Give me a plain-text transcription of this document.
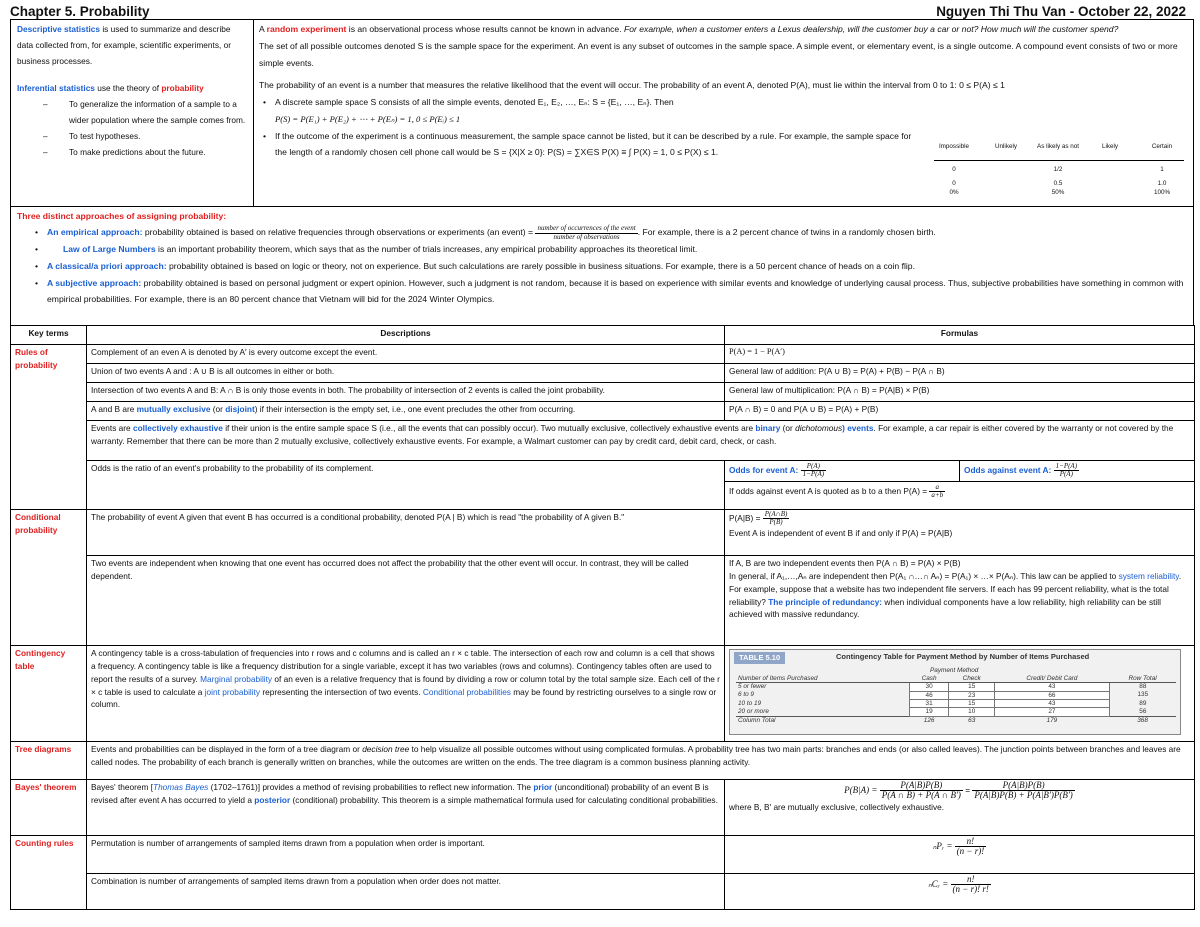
Chapter 5. Probability	Nguyen Thi Thu Van - October 22, 2022
Descriptive statistics is used to summarize and describe data collected from, for example, scientific experiments, or business processes.
Inferential statistics use the theory of probability
– To generalize the information of a sample to a wider population where the sample comes from.
– To test hypotheses.
– To make predictions about the future.
A random experiment is an observational process whose results cannot be known in advance. For example, when a customer enters a Lexus dealership, will the customer buy a car or not? How much will the customer spend?
The set of all possible outcomes denoted S is the sample space for the experiment. An event is any subset of outcomes in the sample space. A simple event, or elementary event, is a single outcome. A compound event consists of two or more simple events.
The probability of an event is a number that measures the relative likelihood that the event will occur. The probability of an event A, denoted P(A), must lie within the interval from 0 to 1: 0 ≤ P(A) ≤ 1
• A discrete sample space S consists of all the simple events, denoted E₁, E₂, …, Eₙ: S = {E₁, …, Eₙ}. Then
P(S) = P(E₁) + P(E₂) + ⋯ + P(Eₙ) = 1, 0 ≤ P(Eᵢ) ≤ 1
• If the outcome of the experiment is a continuous measurement, the sample space cannot be listed, but it can be described by a rule. For example, the sample space for the length of a randomly chosen cell phone call would be S = {X|X ≥ 0}: P(S) = ∑X∈S P(X) ≡ ∫ P(X) = 1, 0 ≤ P(X) ≤ 1.
Impossible	Unlikely	As likely as not	Likely	Certain
0	1/2	1
0	0.5	1.0
0%	50%	100%
Three distinct approaches of assigning probability:
• An empirical approach: probability obtained is based on relative frequencies through observations or experiments (an event) = $\frac{\text{number of occurrences of the event}}{\text{number of observations}}$ . For example, there is a 2 percent chance of twins in a randomly chosen birth.
• Law of Large Numbers is an important probability theorem, which says that as the number of trials increases, any empirical probability approaches its theoretical limit.
• A classical/a priori approach: probability obtained is based on logic or theory, not on experience. But such calculations are rarely possible in business situations. For example, there is a 50 percent chance of heads on a coin flip.
• A subjective approach: probability obtained is based on personal judgment or expert opinion. However, such a judgment is not random, because it is based on experience with similar events and knowledge of underlying causal process. Thus, subjective probabilities have something in common with empirical probabilities. For example, there is an 80 percent chance that Vietnam will bid for the 2024 Winter Olympics.
Key terms	Descriptions	Formulas
Rules of probability	Complement of an even A is denoted by A′ is every outcome except the event.	P(A) = 1 − P(A′)
Union of two events A and : A ∪ B is all outcomes in either or both.	General law of addition: P(A ∪ B) = P(A) + P(B) − P(A ∩ B)
Intersection of two events A and B: A ∩ B is only those events in both. The probability of intersection of 2 events is called the joint probability.	General law of multiplication: P(A ∩ B) = P(A|B) × P(B)
A and B are mutually exclusive (or disjoint) if their intersection is the empty set, i.e., one event precludes the other from occurring.	P(A ∩ B) = 0 and P(A ∪ B) = P(A) + P(B)
Events are collectively exhaustive if their union is the entire sample space S (i.e., all the events that can possibly occur). Two mutually exclusive, collectively exhaustive events are binary (or dichotomous) events. For example, a car repair is either covered by the warranty or not covered by the warranty. Remember that there can be more than 2 mutually exclusive, collectively exhaustive events. For example, a Walmart customer can pay by credit card, debit card, check, or cash.
Odds is the ratio of an event's probability to the probability of its complement.		Odds for event A: $\frac{P(A)}{1-P(A)}$	Odds against event A: $\frac{1-P(A)}{P(A)}$

If odds against event A is quoted as b to a then $P(A) = \frac{a}{a+b}$

Conditional probability	The probability of event A given that event B has occurred is a conditional probability, denoted P(A | B) which is read "the probability of A given B."	$P(A|B) = \frac{P(A\cap B)}{P(B)}$

Event A is independent of event B if and only if P(A) = P(A|B)
Two events are independent when knowing that one event has occurred does not affect the probability that the other event will occur. In contrast, they will be called dependent.	If A, B are two independent events then P(A ∩ B) = P(A) × P(B)
In general, if A₁,…,Aₙ are independent then P(A₁ ∩…∩ Aₙ) = P(A₁) × …× P(Aₙ). This law can be applied to system reliability. For example, suppose that a website has two independent file servers. If each has 99 percent reliability, what is the total reliability? The principle of redundancy: when individual components have a low reliability, high reliability can be still achieved with massive redundancy.
Contingency table	A contingency table is a cross-tabulation of frequencies into r rows and c columns and is called an r × c table. The intersection of each row and column is a cell that shows a frequency. A contingency table is like a frequency distribution for a single variable, except it has two variables (rows and columns). Contingency tables often are used to report the results of a survey. Marginal probability of an even is a relative frequency that is found by dividing a row or column total by the total sample size. Each cell of the r × c table is used to calculate a joint probability representing the intersection of two events. Conditional probabilities may be found by restricting ourselves to a single row or column.	
TABLE 5.10	Contingency Table for Payment Method by Number of Items Purchased
Payment Method
Number of Items Purchased	Cash	Check	Credit/ Debit Card	Row Total
5 or fewer	30	15	43	88
6 to 9	46	23	66	135
10 to 19	31	15	43	89
20 or more	19	10	27	56
Column Total	126	63	179	368

Tree diagrams	Events and probabilities can be displayed in the form of a tree diagram or decision tree to help visualize all possible outcomes without using complicated formulas. A probability tree has two main parts: branches and ends (or also called leaves). The junction points between branches and leaves are called nodes. The probability of each branch is generally written on branches, while the outcomes are written on the ends. The tree diagram is a common business planning activity.
Bayes' theorem	Bayes' theorem [Thomas Bayes (1702–1761)] provides a method of revising probabilities to reflect new information. The prior (unconditional) probability of an event B is revised after event A has occurred to yield a posterior (conditional) probability. This theorem is a simple mathematical formula used for calculating conditional probabilities.	$P(B|A) = \frac{P(A|B)P(B)}{P(A \cap B) + P(A \cap B')} = \frac{P(A|B)P(B)}{P(A|B)P(B) + P(A|B')P(B')}$
where B, B′ are mutually exclusive, collectively exhaustive.

Counting rules	Permutation is number of arrangements of sampled items drawn from a population when order is important.	ₙPᵣ = $\frac{n!}{(n - r)!}$

Combination is number of arrangements of sampled items drawn from a population when order does not matter.	ₙCᵣ = $\frac{n!}{(n - r)! r!}$
